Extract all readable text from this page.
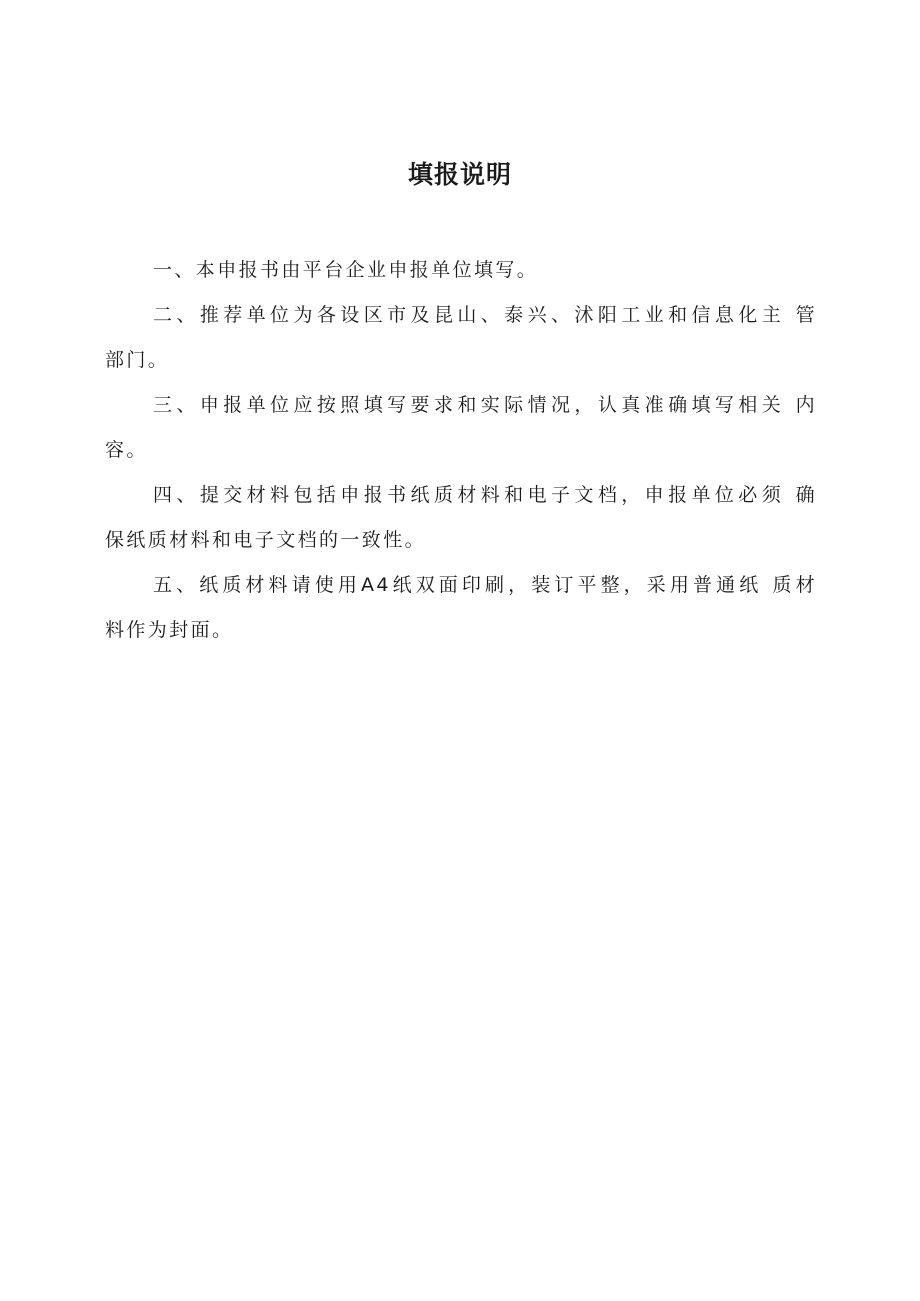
填报说明

一、本申报书由平台企业申报单位填写。

二、推荐单位为各设区市及昆山、泰兴、沭阳工业和信息化主 管
部门。

三、申报单位应按照填写要求和实际情况，认真准确填写相关 内
容。

四、提交材料包括申报书纸质材料和电子文档，申报单位必须 确
保纸质材料和电子文档的一致性。

五、纸质材料请使用A4纸双面印刷，装订平整，采用普通纸 质材
料作为封面。
